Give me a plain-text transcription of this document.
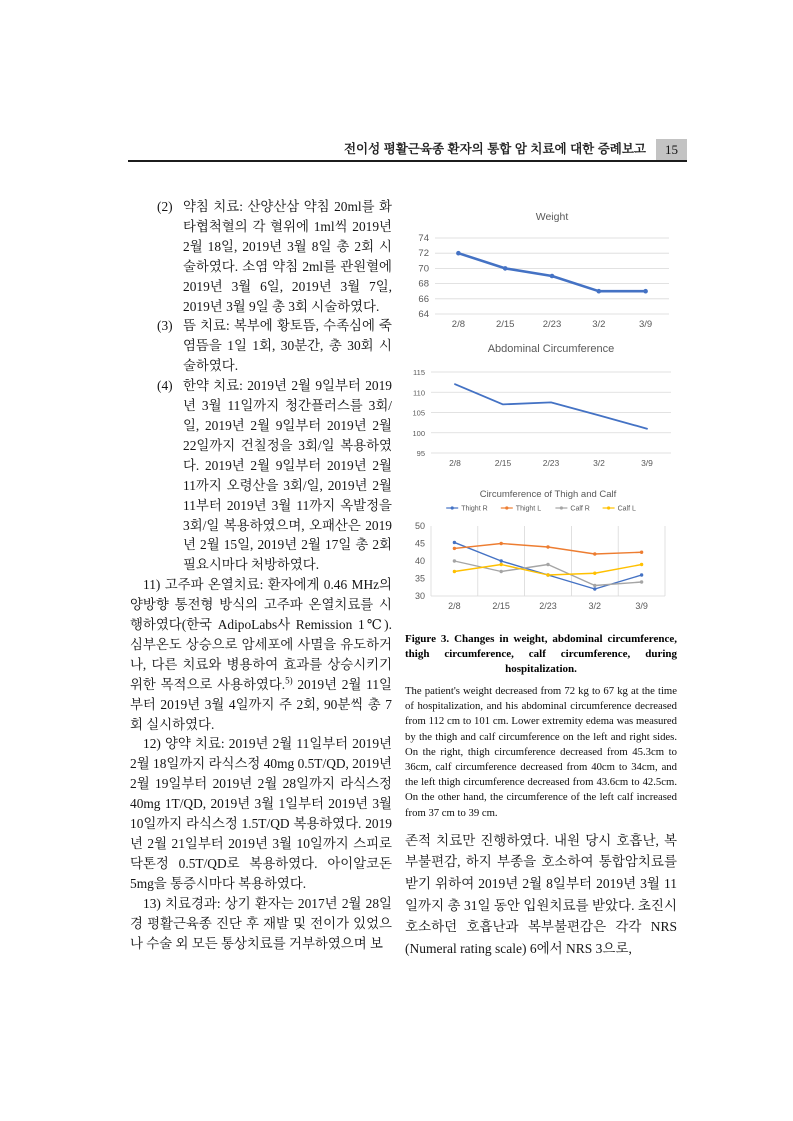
전이성 평활근육종 환자의 통합 암 치료에 대한 증례보고	15
(2) 약침 치료: 산양산삼 약침 20ml를 화타협척혈의 각 혈위에 1ml씩 2019년 2월 18일, 2019년 3월 8일 총 2회 시술하였다. 소염 약침 2ml를 관원혈에 2019년 3월 6일, 2019년 3월 7일, 2019년 3월 9일 총 3회 시술하였다.
(3) 뜸 치료: 복부에 황토뜸, 수족심에 죽염뜸을 1일 1회, 30분간, 총 30회 시술하였다.
(4) 한약 치료: 2019년 2월 9일부터 2019년 3월 11일까지 청간플러스를 3회/일, 2019년 2월 9일부터 2019년 2월 22일까지 건칠정을 3회/일 복용하였다. 2019년 2월 9일부터 2019년 2월 11까지 오령산을 3회/일, 2019년 2월 11부터 2019년 3월 11까지 옥발정을 3회/일 복용하였으며, 오패산은 2019년 2월 15일, 2019년 2월 17일 총 2회 필요시마다 처방하였다.
11) 고주파 온열치료: 환자에게 0.46 MHz의 양방향 통전형 방식의 고주파 온열치료를 시행하였다(한국 AdipoLabs사 Remission 1℃). 심부온도 상승으로 암세포에 사멸을 유도하거나, 다른 치료와 병용하여 효과를 상승시키기 위한 목적으로 사용하였다.$^{5)}$ 2019년 2월 11일부터 2019년 3월 4일까지 주 2회, 90분씩 총 7회 실시하였다.
12) 양약 치료: 2019년 2월 11일부터 2019년 2월 18일까지 라식스정 40mg 0.5T/QD, 2019년 2월 19일부터 2019년 2월 28일까지 라식스정 40mg 1T/QD, 2019년 3월 1일부터 2019년 3월 10일까지 라식스정 1.5T/QD 복용하였다. 2019년 2월 21일부터 2019년 3월 10일까지 스피로닥톤정 0.5T/QD로 복용하였다. 아이알코돈 5mg을 통증시마다 복용하였다.
13) 치료경과: 상기 환자는 2017년 2월 28일경 평활근육종 진단 후 재발 및 전이가 있었으나 수술 외 모든 통상치료를 거부하였으며 보
Weight
64
66
68
70
72
74
2/8	2/15	2/23	3/2	3/9
Abdominal Circumference
95
100
105
110
115
2/8	2/15	2/23	3/2	3/9
Circumference of Thigh and Calf
Thight R	Thight L	Calf R	Calf L
30
35
40
45
50
2/8	2/15	2/23	3/2	3/9
Figure 3. Changes in weight, abdominal circumference, thigh circumference, calf circumference, during hospitalization.
The patient's weight decreased from 72 kg to 67 kg at the time of hospitalization, and his abdominal circumference decreased from 112 cm to 101 cm. Lower extremity edema was measured by the thigh and calf circumference on the left and right sides. On the right, thigh circumference decreased from 45.3cm to 36cm, calf circumference decreased from 40cm to 34cm, and the left thigh circumference decreased from 43.6cm to 42.5cm. On the other hand, the circumference of the left calf increased from 37 cm to 39 cm.
존적 치료만 진행하였다. 내원 당시 호흡난, 복부불편감, 하지 부종을 호소하여 통합암치료를 받기 위하여 2019년 2월 8일부터 2019년 3월 11일까지 총 31일 동안 입원치료를 받았다. 초진시 호소하던 호흡난과 복부불편감은 각각 NRS (Numeral rating scale) 6에서 NRS 3으로,
